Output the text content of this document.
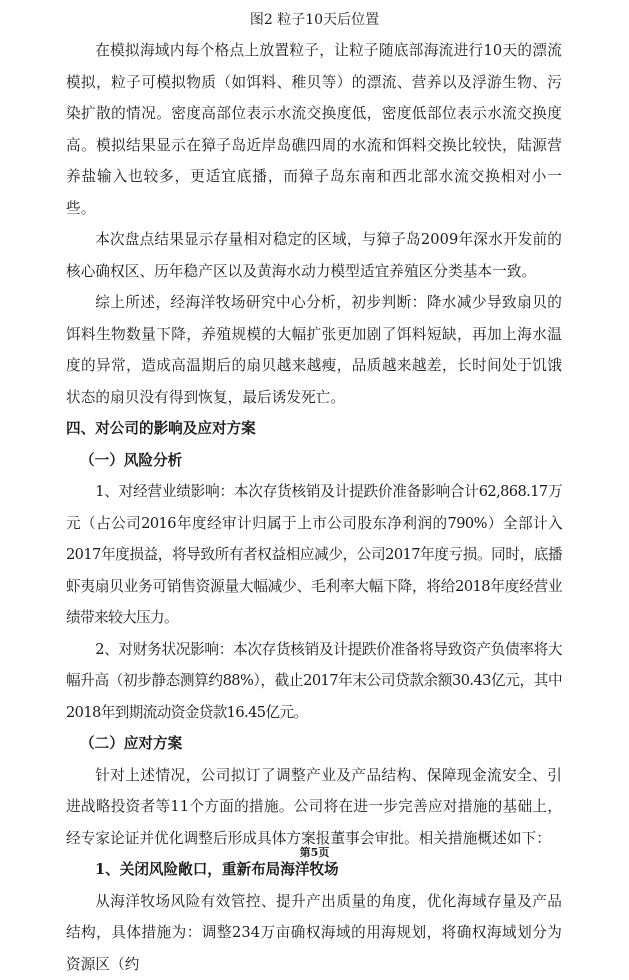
图2 粒子10天后位置

在模拟海域内每个格点上放置粒子，让粒子随底部海流进行10天的漂流模拟，粒子可模拟物质（如饵料、稚贝等）的漂流、营养以及浮游生物、污染扩散的情况。密度高部位表示水流交换度低，密度低部位表示水流交换度高。模拟结果显示在獐子岛近岸岛礁四周的水流和饵料交换比较快，陆源营养盐输入也较多，更适宜底播，而獐子岛东南和西北部水流交换相对小一些。

本次盘点结果显示存量相对稳定的区域，与獐子岛2009年深水开发前的核心确权区、历年稳产区以及黄海水动力模型适宜养殖区分类基本一致。

综上所述，经海洋牧场研究中心分析，初步判断：降水减少导致扇贝的饵料生物数量下降，养殖规模的大幅扩张更加剧了饵料短缺，再加上海水温度的异常，造成高温期后的扇贝越来越瘦，品质越来越差，长时间处于饥饿状态的扇贝没有得到恢复，最后诱发死亡。

四、对公司的影响及应对方案
（一）风险分析

1、对经营业绩影响：本次存货核销及计提跌价准备影响合计62,868.17万元（占公司2016年度经审计归属于上市公司股东净利润的790%）全部计入2017年度损益，将导致所有者权益相应减少，公司2017年度亏损。同时，底播虾夷扇贝业务可销售资源量大幅减少、毛利率大幅下降，将给2018年度经营业绩带来较大压力。

2、对财务状况影响：本次存货核销及计提跌价准备将导致资产负债率将大幅升高（初步静态测算约88%），截止2017年末公司贷款余额30.43亿元，其中2018年到期流动资金贷款16.45亿元。

（二）应对方案

针对上述情况，公司拟订了调整产业及产品结构、保障现金流安全、引进战略投资者等11个方面的措施。公司将在进一步完善应对措施的基础上，经专家论证并优化调整后形成具体方案报董事会审批。相关措施概述如下：

1、关闭风险敞口，重新布局海洋牧场

从海洋牧场风险有效管控、提升产出质量的角度，优化海域存量及产品结构，具体措施为：调整234万亩确权海域的用海规划，将确权海域划分为资源区（约

第5页
